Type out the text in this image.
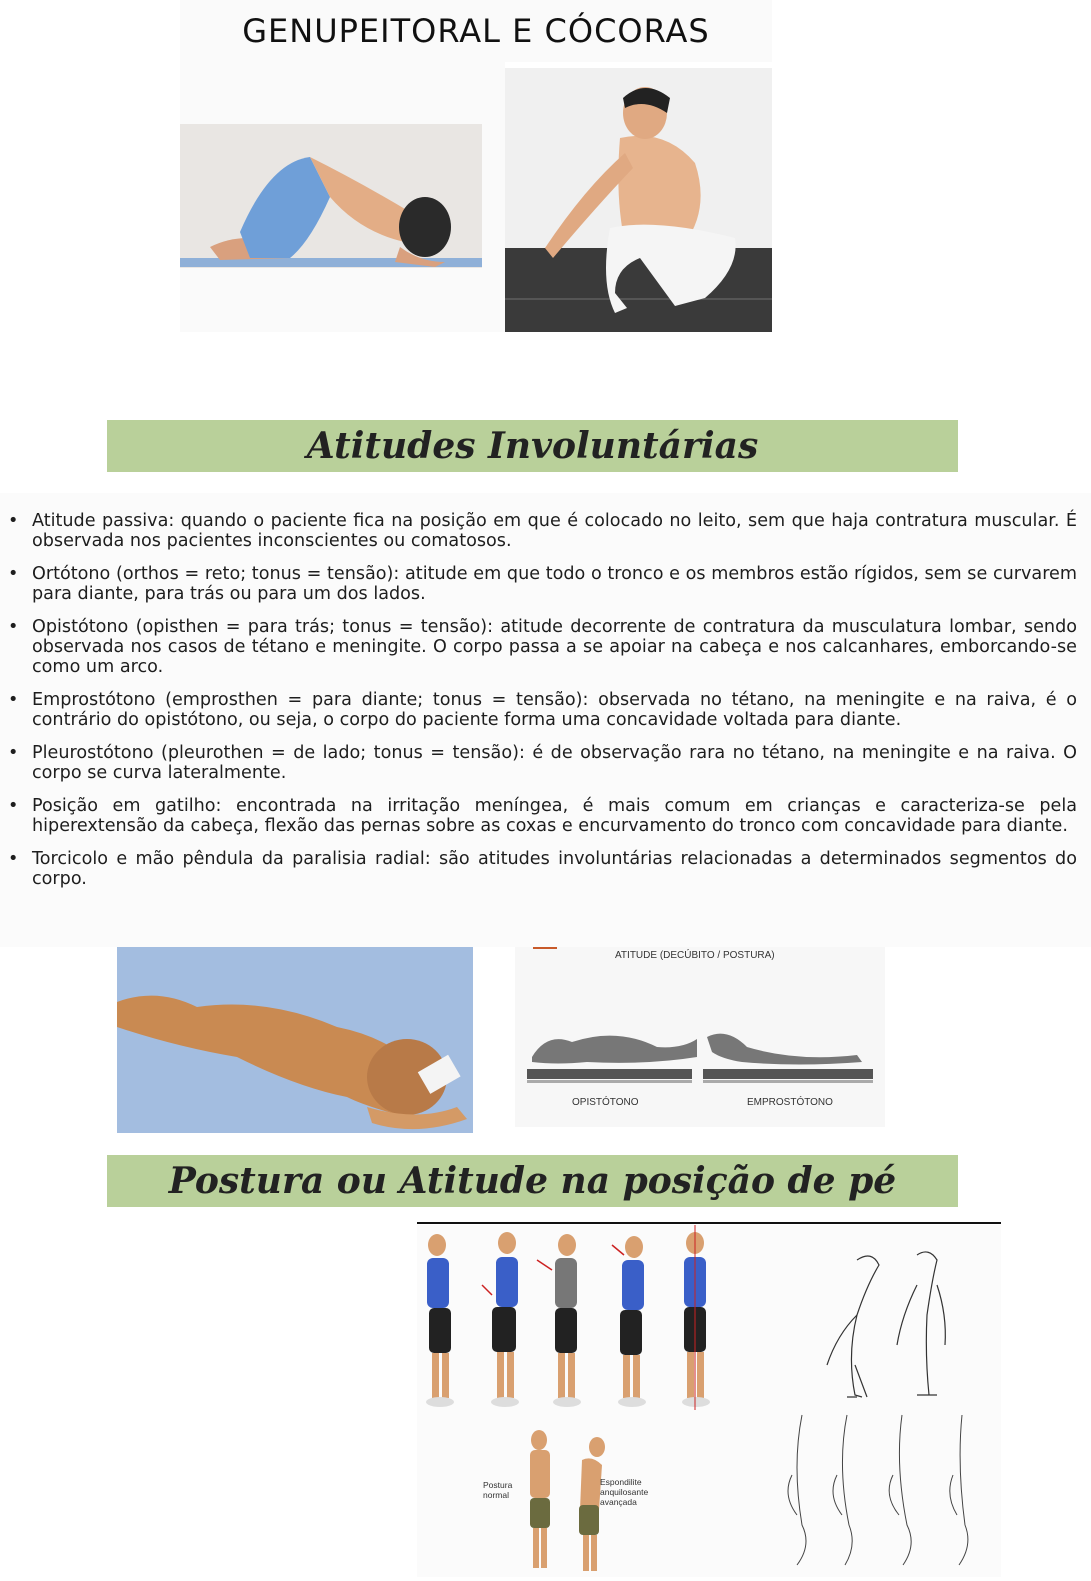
GENUPEITORAL E CÓCORAS
Atitudes Involuntárias
• Atitude passiva: quando o paciente fica na posição em que é colocado no leito, sem que haja contratura muscular. É observada nos pacientes inconscientes ou comatosos.
• Ortótono (orthos = reto; tonus = tensão): atitude em que todo o tronco e os membros estão rígidos, sem se curvarem para diante, para trás ou para um dos lados.
• Opistótono (opisthen = para trás; tonus = tensão): atitude decorrente de contratura da musculatura lombar, sendo observada nos casos de tétano e meningite. O corpo passa a se apoiar na cabeça e nos calcanhares, emborcando-se como um arco.
• Emprostótono (emprosthen = para diante; tonus = tensão): observada no tétano, na meningite e na raiva, é o contrário do opistótono, ou seja, o corpo do paciente forma uma concavidade voltada para diante.
• Pleurostótono (pleurothen = de lado; tonus = tensão): é de observação rara no tétano, na meningite e na raiva. O corpo se curva lateralmente.
• Posição em gatilho: encontrada na irritação meníngea, é mais comum em crianças e caracteriza-se pela hiperextensão da cabeça, flexão das pernas sobre as coxas e encurvamento do tronco com concavidade para diante.
• Torcicolo e mão pêndula da paralisia radial: são atitudes involuntárias relacionadas a determinados segmentos do corpo.
ATITUDE (DECÚBITO / POSTURA)
OPISTÓTONO	EMPROSTÓTONO
Postura ou Atitude na posição de pé
Postura normal
Espondilite anquilosante avançada
